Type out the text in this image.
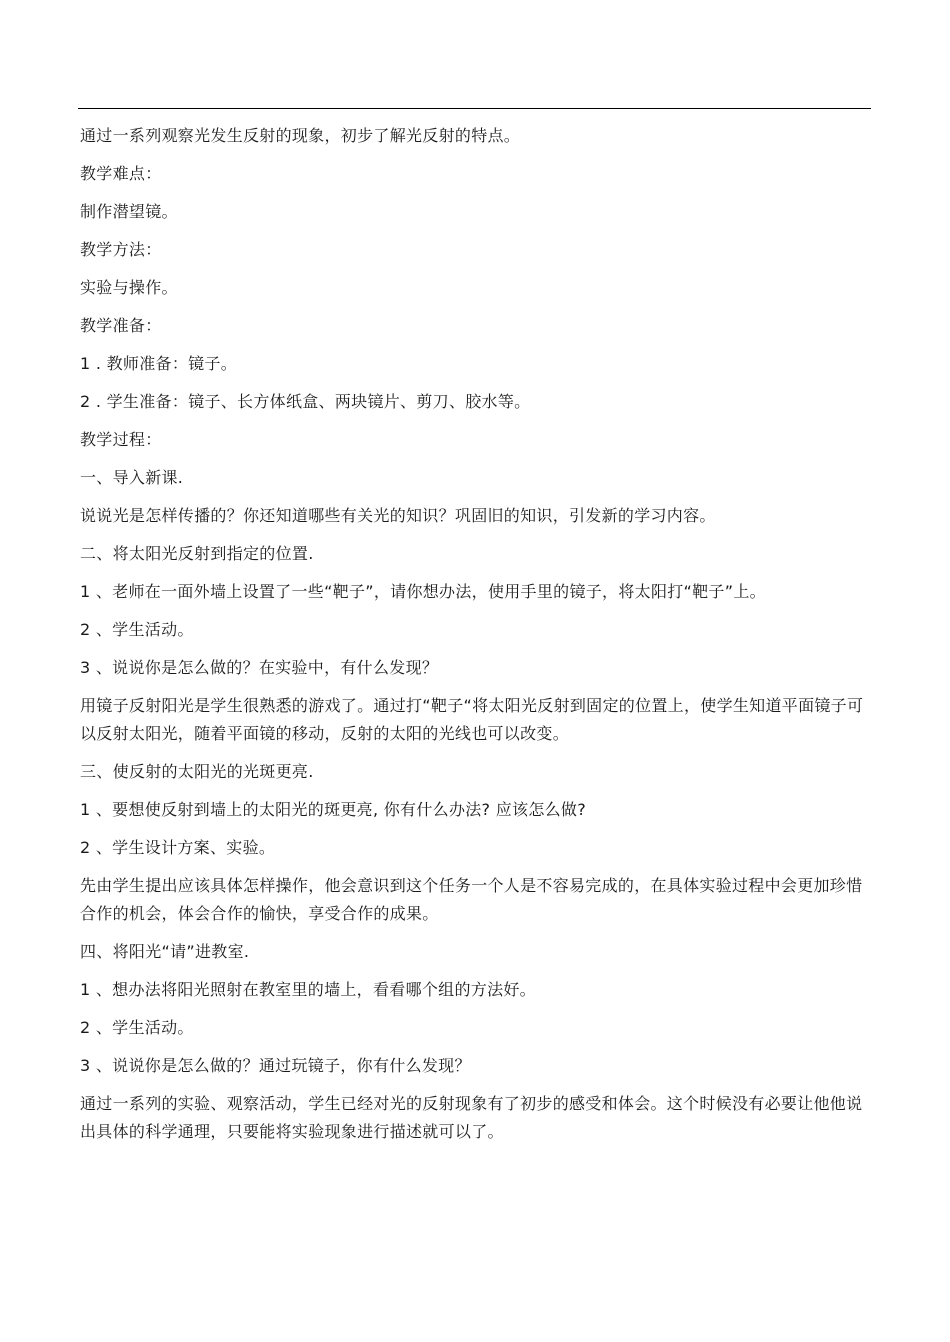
通过一系列观察光发生反射的现象，初步了解光反射的特点。

教学难点：

制作潜望镜。

教学方法：

实验与操作。

教学准备：

1 . 教师准备：镜子。

2 . 学生准备：镜子、长方体纸盒、两块镜片、剪刀、胶水等。

教学过程：

一、导入新课.

说说光是怎样传播的？你还知道哪些有关光的知识？巩固旧的知识，引发新的学习内容。

二、将太阳光反射到指定的位置.

1 、老师在一面外墙上设置了一些“靶子”，请你想办法，使用手里的镜子，将太阳打“靶子”上。

2 、学生活动。

3 、说说你是怎么做的？在实验中，有什么发现？

用镜子反射阳光是学生很熟悉的游戏了。通过打“靶子“将太阳光反射到固定的位置上，使学生知道平面镜子可以反射太阳光，随着平面镜的移动，反射的太阳的光线也可以改变。

三、使反射的太阳光的光斑更亮.

1 、要想使反射到墙上的太阳光的斑更亮, 你有什么办法? 应该怎么做?

2 、学生设计方案、实验。

先由学生提出应该具体怎样操作，他会意识到这个任务一个人是不容易完成的，在具体实验过程中会更加珍惜合作的机会，体会合作的愉快，享受合作的成果。

四、将阳光“请”进教室.

1 、想办法将阳光照射在教室里的墙上，看看哪个组的方法好。

2 、学生活动。

3 、说说你是怎么做的？通过玩镜子，你有什么发现？

通过一系列的实验、观察活动，学生已经对光的反射现象有了初步的感受和体会。这个时候没有必要让他他说出具体的科学通理，只要能将实验现象进行描述就可以了。
